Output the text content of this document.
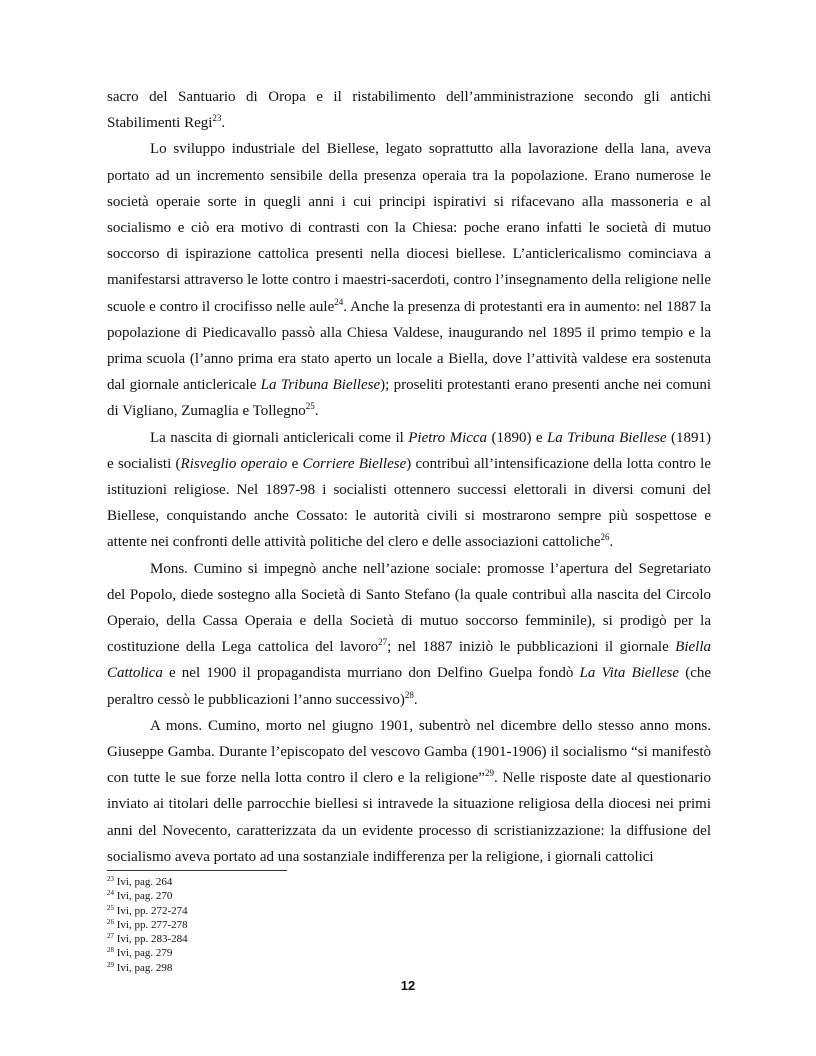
sacro del Santuario di Oropa e il ristabilimento dell’amministrazione secondo gli antichi Stabilimenti Regi$^{23}$.

Lo sviluppo industriale del Biellese, legato soprattutto alla lavorazione della lana, aveva portato ad un incremento sensibile della presenza operaia tra la popolazione. Erano numerose le società operaie sorte in quegli anni i cui principi ispirativi si rifacevano alla massoneria e al socialismo e ciò era motivo di contrasti con la Chiesa: poche erano infatti le società di mutuo soccorso di ispirazione cattolica presenti nella diocesi biellese. L’anticlericalismo cominciava a manifestarsi attraverso le lotte contro i maestri-sacerdoti, contro l’insegnamento della religione nelle scuole e contro il crocifisso nelle aule$^{24}$. Anche la presenza di protestanti era in aumento: nel 1887 la popolazione di Piedicavallo passò alla Chiesa Valdese, inaugurando nel 1895 il primo tempio e la prima scuola (l’anno prima era stato aperto un locale a Biella, dove l’attività valdese era sostenuta dal giornale anticlericale La Tribuna Biellese); proseliti protestanti erano presenti anche nei comuni di Vigliano, Zumaglia e Tollegno$^{25}$.

La nascita di giornali anticlericali come il Pietro Micca (1890) e La Tribuna Biellese (1891) e socialisti (Risveglio operaio e Corriere Biellese) contribuì all’intensificazione della lotta contro le istituzioni religiose. Nel 1897-98 i socialisti ottennero successi elettorali in diversi comuni del Biellese, conquistando anche Cossato: le autorità civili si mostrarono sempre più sospettose e attente nei confronti delle attività politiche del clero e delle associazioni cattoliche$^{26}$.

Mons. Cumino si impegnò anche nell’azione sociale: promosse l’apertura del Segretariato del Popolo, diede sostegno alla Società di Santo Stefano (la quale contribuì alla nascita del Circolo Operaio, della Cassa Operaia e della Società di mutuo soccorso femminile), si prodigò per la costituzione della Lega cattolica del lavoro$^{27}$; nel 1887 iniziò le pubblicazioni il giornale Biella Cattolica e nel 1900 il propagandista murriano don Delfino Guelpa fondò La Vita Biellese (che peraltro cessò le pubblicazioni l’anno successivo)$^{28}$.

A mons. Cumino, morto nel giugno 1901, subentrò nel dicembre dello stesso anno mons. Giuseppe Gamba. Durante l’episcopato del vescovo Gamba (1901-1906) il socialismo “si manifestò con tutte le sue forze nella lotta contro il clero e la religione”$^{29}$. Nelle risposte date al questionario inviato ai titolari delle parrocchie biellesi si intravede la situazione religiosa della diocesi nei primi anni del Novecento, caratterizzata da un evidente processo di scristianizzazione: la diffusione del socialismo aveva portato ad una sostanziale indifferenza per la religione, i giornali cattolici

$^{23}$ Ivi, pag. 264
$^{24}$ Ivi, pag. 270
$^{25}$ Ivi, pp. 272-274
$^{26}$ Ivi, pp. 277-278
$^{27}$ Ivi, pp. 283-284
$^{28}$ Ivi, pag. 279
$^{29}$ Ivi, pag. 298
12
